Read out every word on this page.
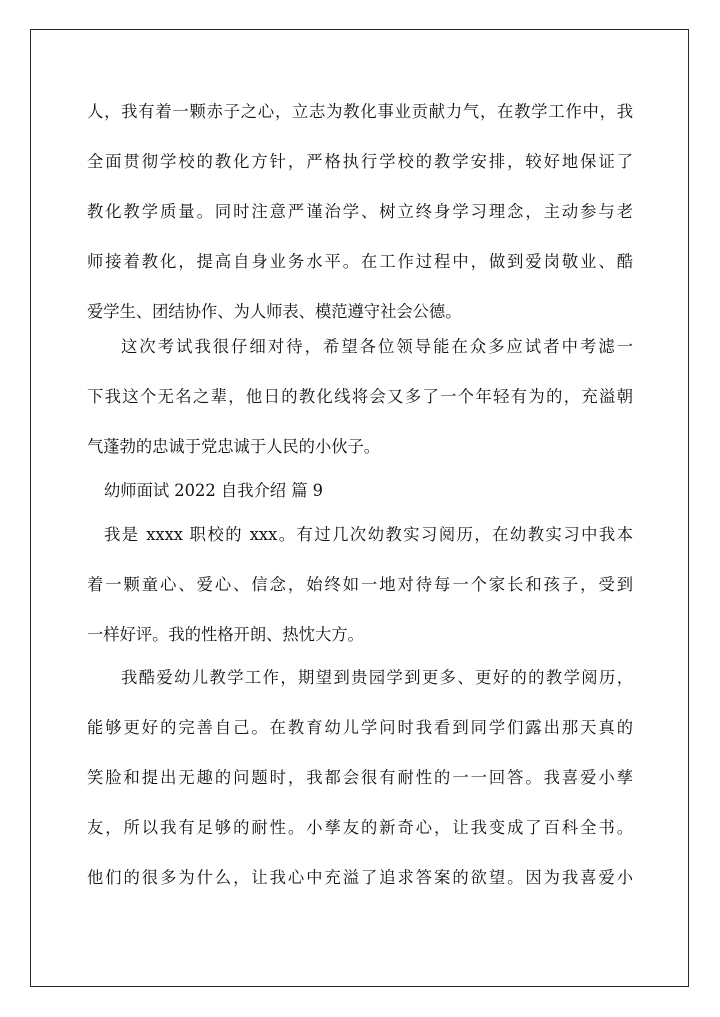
人，我有着一颗赤子之心，立志为教化事业贡献力气，在教学工作中，我
全面贯彻学校的教化方针，严格执行学校的教学安排，较好地保证了
教化教学质量。同时注意严谨治学、树立终身学习理念，主动参与老
师接着教化，提高自身业务水平。在工作过程中，做到爱岗敬业、酷
爱学生、团结协作、为人师表、模范遵守社会公德。
这次考试我很仔细对待，希望各位领导能在众多应试者中考滤一
下我这个无名之辈，他日的教化线将会又多了一个年轻有为的，充溢朝
气蓬勃的忠诚于党忠诚于人民的小伙子。
幼师面试 2022 自我介绍 篇 9
我是 xxxx 职校的 xxx。有过几次幼教实习阅历，在幼教实习中我本
着一颗童心、爱心、信念，始终如一地对待每一个家长和孩子，受到
一样好评。我的性格开朗、热忱大方。
我酷爱幼儿教学工作，期望到贵园学到更多、更好的的教学阅历，
能够更好的完善自己。在教育幼儿学问时我看到同学们露出那天真的
笑脸和提出无趣的问题时，我都会很有耐性的一一回答。我喜爱小孳
友，所以我有足够的耐性。小孳友的新奇心，让我变成了百科全书。
他们的很多为什么，让我心中充溢了追求答案的欲望。因为我喜爱小
